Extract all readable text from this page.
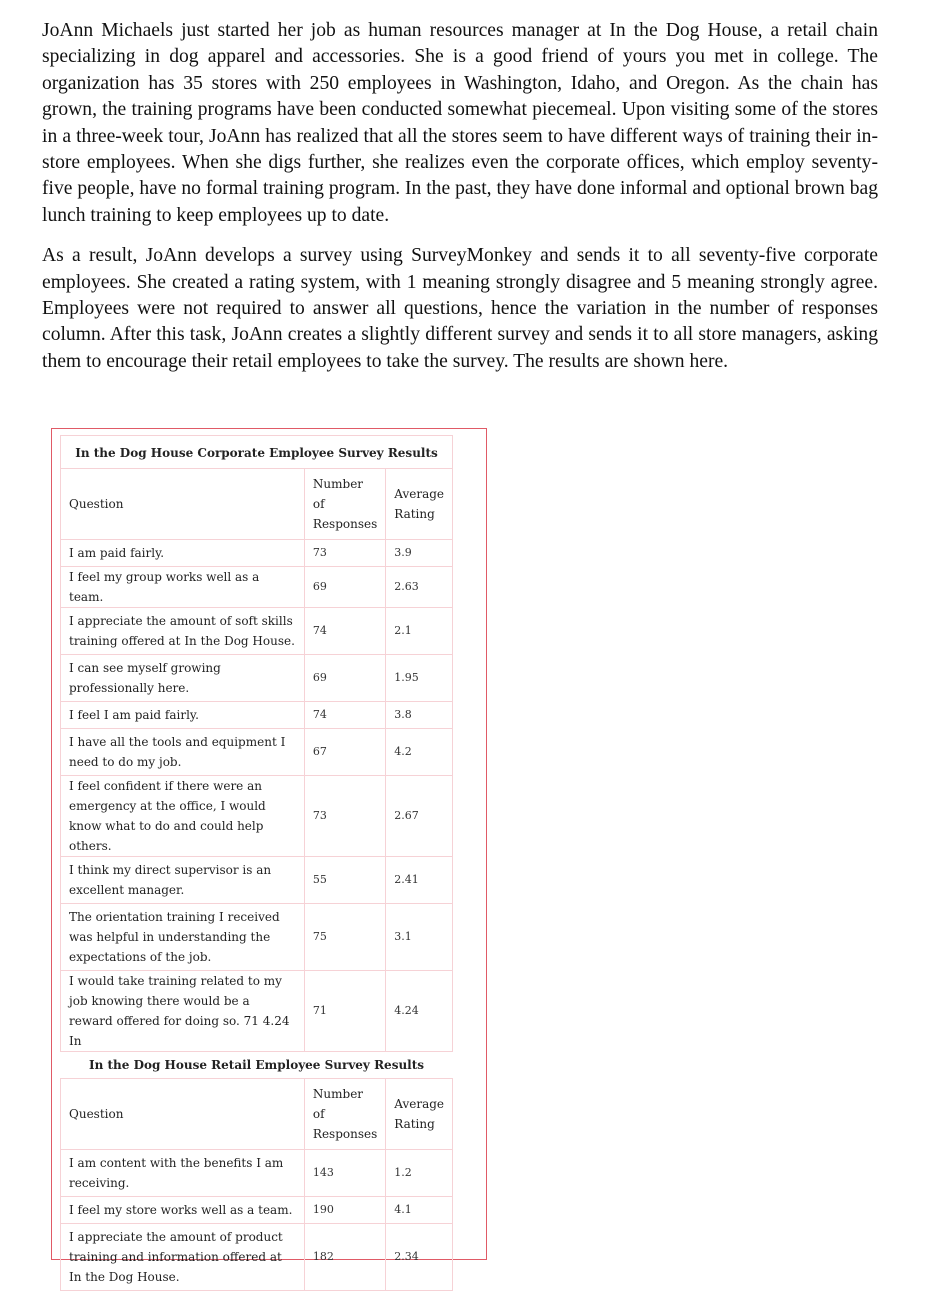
JoAnn Michaels just started her job as human resources manager at In the Dog House, a retail chain specializing in dog apparel and accessories. She is a good friend of yours you met in college. The organization has 35 stores with 250 employees in Washington, Idaho, and Oregon. As the chain has grown, the training programs have been conducted somewhat piecemeal. Upon visiting some of the stores in a three-week tour, JoAnn has realized that all the stores seem to have different ways of training their in-store employees. When she digs further, she realizes even the corporate offices, which employ seventy-five people, have no formal training program. In the past, they have done informal and optional brown bag lunch training to keep employees up to date.

As a result, JoAnn develops a survey using SurveyMonkey and sends it to all seventy-five corporate employees. She created a rating system, with 1 meaning strongly disagree and 5 meaning strongly agree. Employees were not required to answer all questions, hence the variation in the number of responses column. After this task, JoAnn creates a slightly different survey and sends it to all store managers, asking them to encourage their retail employees to take the survey. The results are shown here.

In the Dog House Corporate Employee Survey Results		
Question	Number of Responses	Average Rating
I am paid fairly.	73	3.9
I feel my group works well as a team.	69	2.63
I appreciate the amount of soft skills training offered at In the Dog House.	74	2.1
I can see myself growing professionally here.	69	1.95
I feel I am paid fairly.	74	3.8
I have all the tools and equipment I need to do my job.	67	4.2
I feel confident if there were an emergency at the office, I would know what to do and could help others.	73	2.67
I think my direct supervisor is an excellent manager.	55	2.41
The orientation training I received was helpful in understanding the expectations of the job.	75	3.1
I would take training related to my job knowing there would be a reward offered for doing so. 71 4.24 In	71	4.24
In the Dog House Retail Employee Survey Results		
Question	Number of Responses	Average Rating
I am content with the benefits I am receiving.	143	1.2
I feel my store works well as a team.	190	4.1
I appreciate the amount of product training and information offered at In the Dog House.	182	2.34
